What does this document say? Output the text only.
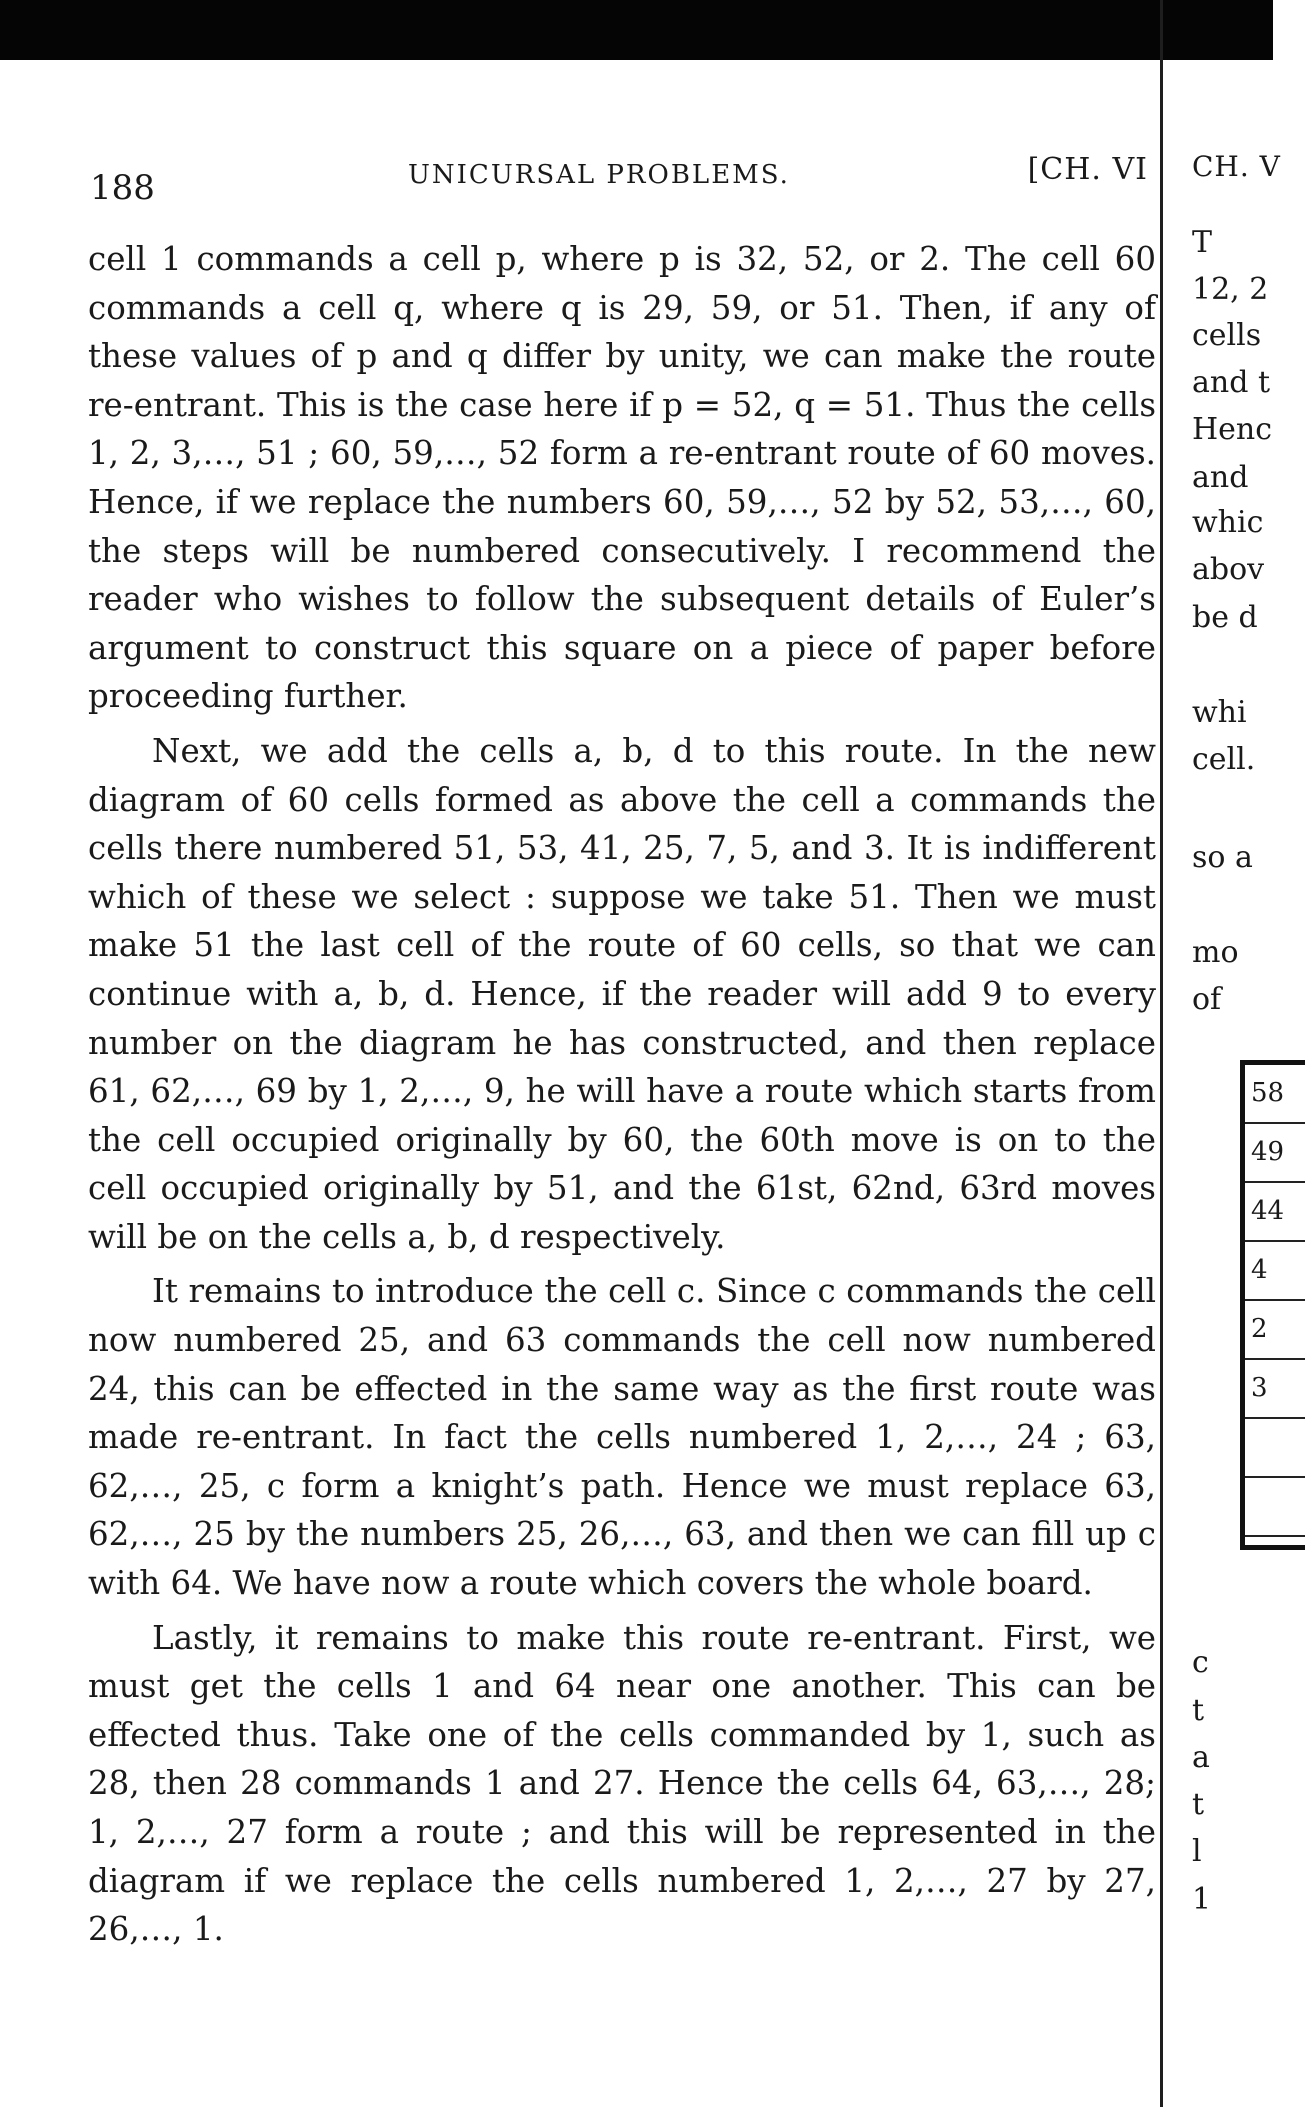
188	UNICURSAL PROBLEMS.	[CH. VI

cell 1 commands a cell p, where p is 32, 52, or 2. The cell 60 commands a cell q, where q is 29, 59, or 51. Then, if any of these values of p and q differ by unity, we can make the route re-entrant. This is the case here if p = 52, q = 51. Thus the cells 1, 2, 3,…, 51 ; 60, 59,…, 52 form a re-entrant route of 60 moves. Hence, if we replace the numbers 60, 59,…, 52 by 52, 53,…, 60, the steps will be numbered consecutively. I recommend the reader who wishes to follow the subsequent details of Euler’s argument to construct this square on a piece of paper before proceeding further.

Next, we add the cells a, b, d to this route. In the new diagram of 60 cells formed as above the cell a commands the cells there numbered 51, 53, 41, 25, 7, 5, and 3. It is indifferent which of these we select : suppose we take 51. Then we must make 51 the last cell of the route of 60 cells, so that we can continue with a, b, d. Hence, if the reader will add 9 to every number on the diagram he has constructed, and then replace 61, 62,…, 69 by 1, 2,…, 9, he will have a route which starts from the cell occupied originally by 60, the 60th move is on to the cell occupied originally by 51, and the 61st, 62nd, 63rd moves will be on the cells a, b, d respectively.

It remains to introduce the cell c. Since c commands the cell now numbered 25, and 63 commands the cell now numbered 24, this can be effected in the same way as the first route was made re-entrant. In fact the cells numbered 1, 2,…, 24 ; 63, 62,…, 25, c form a knight’s path. Hence we must replace 63, 62,…, 25 by the numbers 25, 26,…, 63, and then we can fill up c with 64. We have now a route which covers the whole board.

Lastly, it remains to make this route re-entrant. First, we must get the cells 1 and 64 near one another. This can be effected thus. Take one of the cells commanded by 1, such as 28, then 28 commands 1 and 27. Hence the cells 64, 63,…, 28; 1, 2,…, 27 form a route ; and this will be represented in the diagram if we replace the cells numbered 1, 2,…, 27 by 27, 26,…, 1.

CH. V
58
49
44
4
2
3
T
12, 2
cells
and t
Henc
and
whic
abov
be d
whi
cell.
so a
mo
of
c
t
a
t
l
1
